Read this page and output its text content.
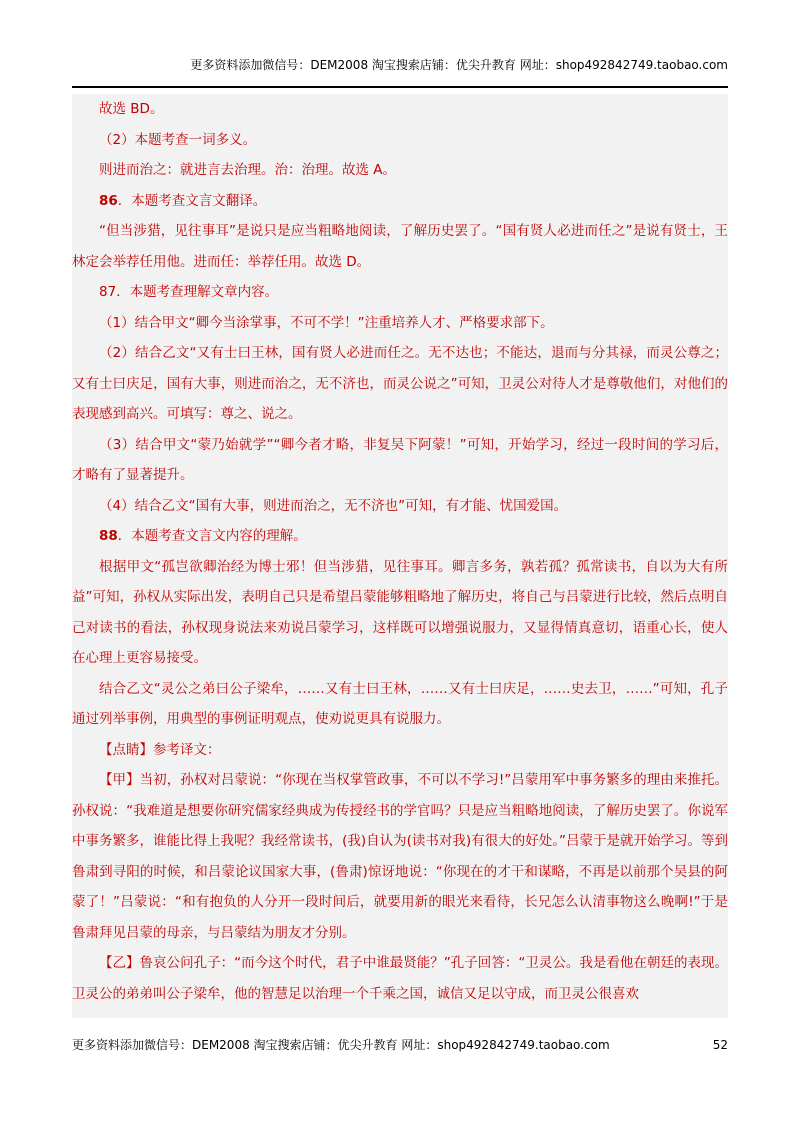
更多资料添加微信号：DEM2008 淘宝搜索店铺：优尖升教育 网址：shop492842749.taobao.com

故选 BD。

（2）本题考查一词多义。

则进而治之：就进言去治理。治：治理。故选 A。

86．本题考查文言文翻译。

“但当涉猎，见往事耳”是说只是应当粗略地阅读，了解历史罢了。“国有贤人必进而任之”是说有贤士，王林定会举荐任用他。进而任：举荐任用。故选 D。

87．本题考查理解文章内容。

（1）结合甲文“卿今当涂掌事，不可不学！”注重培养人才、严格要求部下。

（2）结合乙文“又有士曰王林，国有贤人必进而任之。无不达也；不能达，退而与分其禄，而灵公尊之；又有士曰庆足，国有大事，则进而治之，无不济也，而灵公说之”可知，卫灵公对待人才是尊敬他们，对他们的表现感到高兴。可填写：尊之、说之。

（3）结合甲文“蒙乃始就学”“卿今者才略，非复吴下阿蒙！”可知，开始学习，经过一段时间的学习后，才略有了显著提升。

（4）结合乙文“国有大事，则进而治之，无不济也”可知，有才能、忧国爱国。

88．本题考查文言文内容的理解。

根据甲文“孤岂欲卿治经为博士邪！但当涉猎，见往事耳。卿言多务，孰若孤？孤常读书，自以为大有所益”可知，孙权从实际出发，表明自己只是希望吕蒙能够粗略地了解历史，将自己与吕蒙进行比较，然后点明自己对读书的看法，孙权现身说法来劝说吕蒙学习，这样既可以增强说服力，又显得情真意切，语重心长，使人在心理上更容易接受。

结合乙文“灵公之弟曰公子梁牟，……又有士曰王林，……又有士曰庆足，……史去卫，……”可知，孔子通过列举事例，用典型的事例证明观点，使劝说更具有说服力。

【点睛】参考译文：

【甲】当初，孙权对吕蒙说：“你现在当权掌管政事，不可以不学习!”吕蒙用军中事务繁多的理由来推托。孙权说：“我难道是想要你研究儒家经典成为传授经书的学官吗？只是应当粗略地阅读，了解历史罢了。你说军中事务繁多，谁能比得上我呢？我经常读书，(我)自认为(读书对我)有很大的好处。”吕蒙于是就开始学习。等到鲁肃到寻阳的时候，和吕蒙论议国家大事，(鲁肃)惊讶地说：“你现在的才干和谋略，不再是以前那个吴县的阿蒙了！”吕蒙说：“和有抱负的人分开一段时间后，就要用新的眼光来看待，长兄怎么认清事物这么晚啊!”于是鲁肃拜见吕蒙的母亲，与吕蒙结为朋友才分别。

【乙】鲁哀公问孔子：“而今这个时代，君子中谁最贤能？”孔子回答：“卫灵公。我是看他在朝廷的表现。卫灵公的弟弟叫公子梁牟，他的智慧足以治理一个千乘之国，诚信又足以守成，而卫灵公很喜欢

更多资料添加微信号：DEM2008 淘宝搜索店铺：优尖升教育 网址：shop492842749.taobao.com	52
